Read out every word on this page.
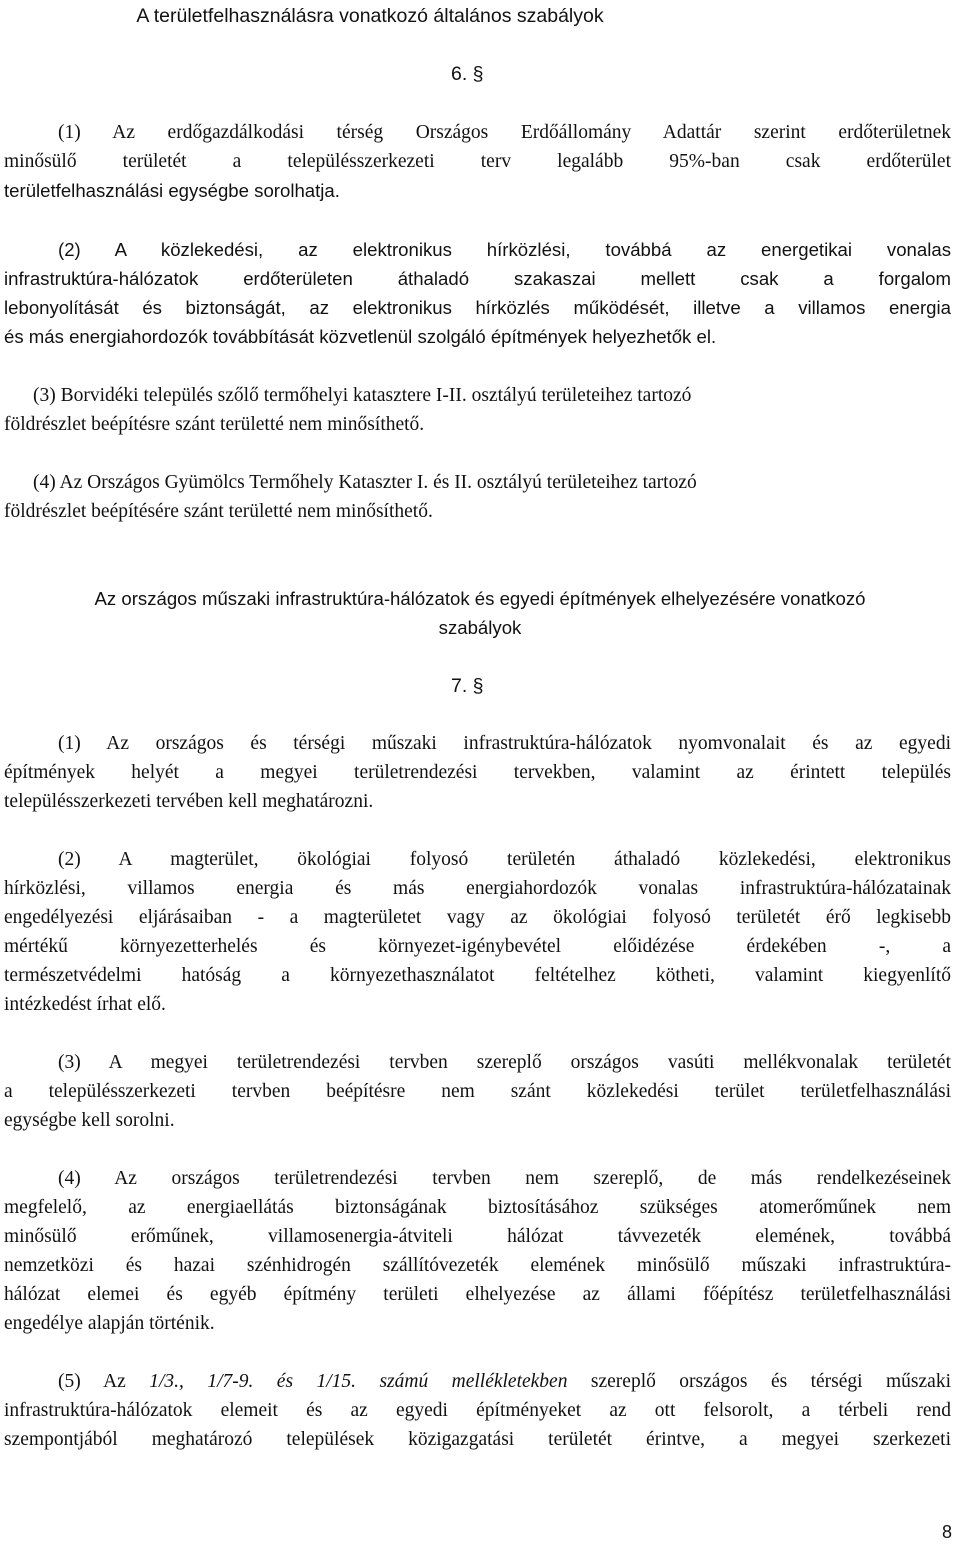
A területfelhasználásra vonatkozó általános szabályok
6. §
(1) Az erdőgazdálkodási térség Országos Erdőállomány Adattár szerint erdőterületnek
minősülő területét a településszerkezeti terv legalább 95%-ban csak erdőterület
területfelhasználási egységbe sorolhatja.
(2) A közlekedési, az elektronikus hírközlési, továbbá az energetikai vonalas
infrastruktúra-hálózatok erdőterületen áthaladó szakaszai mellett csak a forgalom
lebonyolítását és biztonságát, az elektronikus hírközlés működését, illetve a villamos energia
és más energiahordozók továbbítását közvetlenül szolgáló építmények helyezhetők el.
(3) Borvidéki település szőlő termőhelyi katasztere I-II. osztályú területeihez tartozó
földrészlet beépítésre szánt területté nem minősíthető.
(4) Az Országos Gyümölcs Termőhely Kataszter I. és II. osztályú területeihez tartozó
földrészlet beépítésére szánt területté nem minősíthető.
Az országos műszaki infrastruktúra-hálózatok és egyedi építmények elhelyezésére vonatkozó
szabályok
7. §
(1) Az országos és térségi műszaki infrastruktúra-hálózatok nyomvonalait és az egyedi
építmények helyét a megyei területrendezési tervekben, valamint az érintett település
településszerkezeti tervében kell meghatározni.
(2) A magterület, ökológiai folyosó területén áthaladó közlekedési, elektronikus
hírközlési, villamos energia és más energiahordozók vonalas infrastruktúra-hálózatainak
engedélyezési eljárásaiban - a magterületet vagy az ökológiai folyosó területét érő legkisebb
mértékű környezetterhelés és környezet-igénybevétel előidézése érdekében -, a
természetvédelmi hatóság a környezethasználatot feltételhez kötheti, valamint kiegyenlítő
intézkedést írhat elő.
(3) A megyei területrendezési tervben szereplő országos vasúti mellékvonalak területét
a településszerkezeti tervben beépítésre nem szánt közlekedési terület területfelhasználási
egységbe kell sorolni.
(4) Az országos területrendezési tervben nem szereplő, de más rendelkezéseinek
megfelelő, az energiaellátás biztonságának biztosításához szükséges atomerőműnek nem
minősülő erőműnek, villamosenergia-átviteli hálózat távvezeték elemének, továbbá
nemzetközi és hazai szénhidrogén szállítóvezeték elemének minősülő műszaki infrastruktúra-
hálózat elemei és egyéb építmény területi elhelyezése az állami főépítész területfelhasználási
engedélye alapján történik.
(5) Az 1/3., 1/7-9. és 1/15. számú mellékletekben szereplő országos és térségi műszaki
infrastruktúra-hálózatok elemeit és az egyedi építményeket az ott felsorolt, a térbeli rend
szempontjából meghatározó települések közigazgatási területét érintve, a megyei szerkezeti
8
